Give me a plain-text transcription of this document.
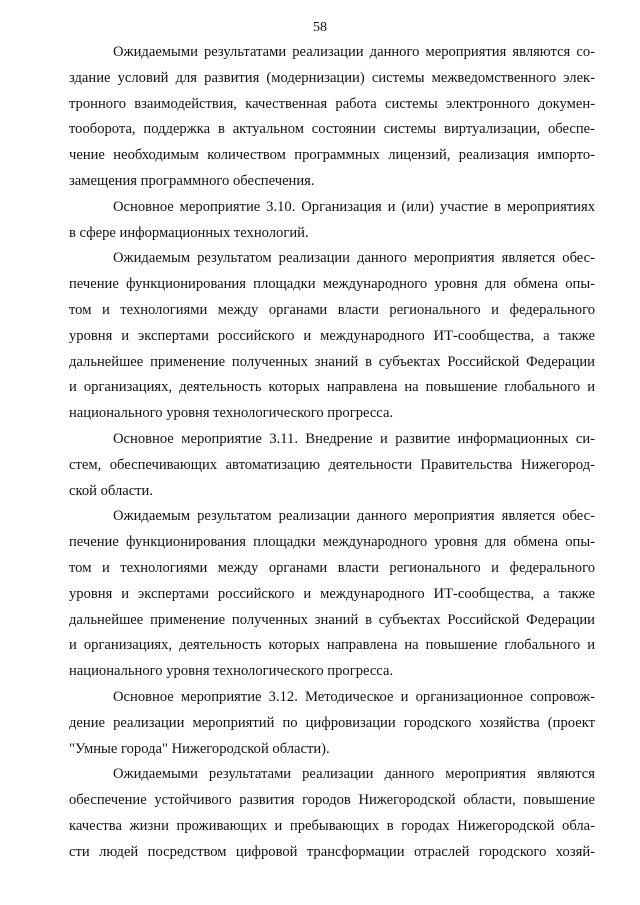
58
Ожидаемыми результатами реализации данного мероприятия являются со-
здание условий для развития (модернизации) системы межведомственного элек-
тронного взаимодействия, качественная работа системы электронного докумен-
тооборота, поддержка в актуальном состоянии системы виртуализации, обеспе-
чение необходимым количеством программных лицензий, реализация импорто-
замещения программного обеспечения.
Основное мероприятие 3.10. Организация и (или) участие в мероприятиях
в сфере информационных технологий.
Ожидаемым результатом реализации данного мероприятия является обес-
печение функционирования площадки международного уровня для обмена опы-
том и технологиями между органами власти регионального и федерального
уровня и экспертами российского и международного ИТ-сообщества, а также
дальнейшее применение полученных знаний в субъектах Российской Федерации
и организациях, деятельность которых направлена на повышение глобального и
национального уровня технологического прогресса.
Основное мероприятие 3.11. Внедрение и развитие информационных си-
стем, обеспечивающих автоматизацию деятельности Правительства Нижегород-
ской области.
Ожидаемым результатом реализации данного мероприятия является обес-
печение функционирования площадки международного уровня для обмена опы-
том и технологиями между органами власти регионального и федерального
уровня и экспертами российского и международного ИТ-сообщества, а также
дальнейшее применение полученных знаний в субъектах Российской Федерации
и организациях, деятельность которых направлена на повышение глобального и
национального уровня технологического прогресса.
Основное мероприятие 3.12. Методическое и организационное сопровож-
дение реализации мероприятий по цифровизации городского хозяйства (проект
"Умные города" Нижегородской области).
Ожидаемыми результатами реализации данного мероприятия являются
обеспечение устойчивого развития городов Нижегородской области, повышение
качества жизни проживающих и пребывающих в городах Нижегородской обла-
сти людей посредством цифровой трансформации отраслей городского хозяй-
